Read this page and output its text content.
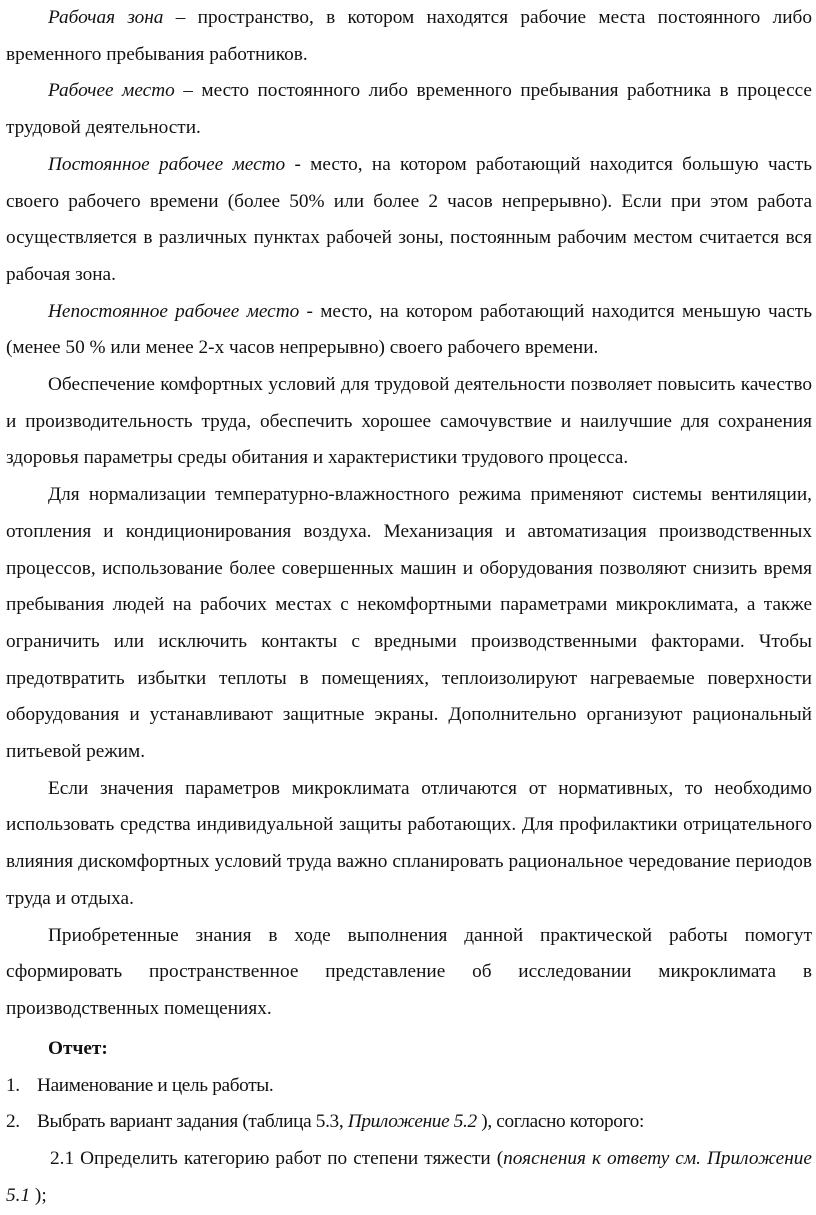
Рабочая зона – пространство, в котором находятся рабочие места постоянного либо временного пребывания работников.

Рабочее место – место постоянного либо временного пребывания работника в процессе трудовой деятельности.

Постоянное рабочее место - место, на котором работающий находится большую часть своего рабочего времени (более 50% или более 2 часов непрерывно). Если при этом работа осуществляется в различных пунктах рабочей зоны, постоянным рабочим местом считается вся рабочая зона.

Непостоянное рабочее место - место, на котором работающий находится меньшую часть (менее 50 % или менее 2-х часов непрерывно) своего рабочего времени.

Обеспечение комфортных условий для трудовой деятельности позволяет повысить качество и производительность труда, обеспечить хорошее самочувствие и наилучшие для сохранения здоровья параметры среды обитания и характеристики трудового процесса.

Для нормализации температурно-влажностного режима применяют системы вентиляции, отопления и кондиционирования воздуха. Механизация и автоматизация производственных процессов, использование более совершенных машин и оборудования позволяют снизить время пребывания людей на рабочих местах с некомфортными параметрами микроклимата, а также ограничить или исключить контакты с вредными производственными факторами. Чтобы предотвратить избытки теплоты в помещениях, теплоизолируют нагреваемые поверхности оборудования и устанавливают защитные экраны. Дополнительно организуют рациональный питьевой режим.

Если значения параметров микроклимата отличаются от нормативных, то необходимо использовать средства индивидуальной защиты работающих. Для профилактики отрицательного влияния дискомфортных условий труда важно спланировать рациональное чередование периодов труда и отдыха.

Приобретенные знания в ходе выполнения данной практической работы помогут сформировать пространственное представление об исследовании микроклимата в производственных помещениях.

Отчет:
1. Наименование и цель работы.
2. Выбрать вариант задания (таблица 5.3, Приложение 5.2 ), согласно которого:

2.1 Определить категорию работ по степени тяжести (пояснения к ответу см. Приложение 5.1 );
